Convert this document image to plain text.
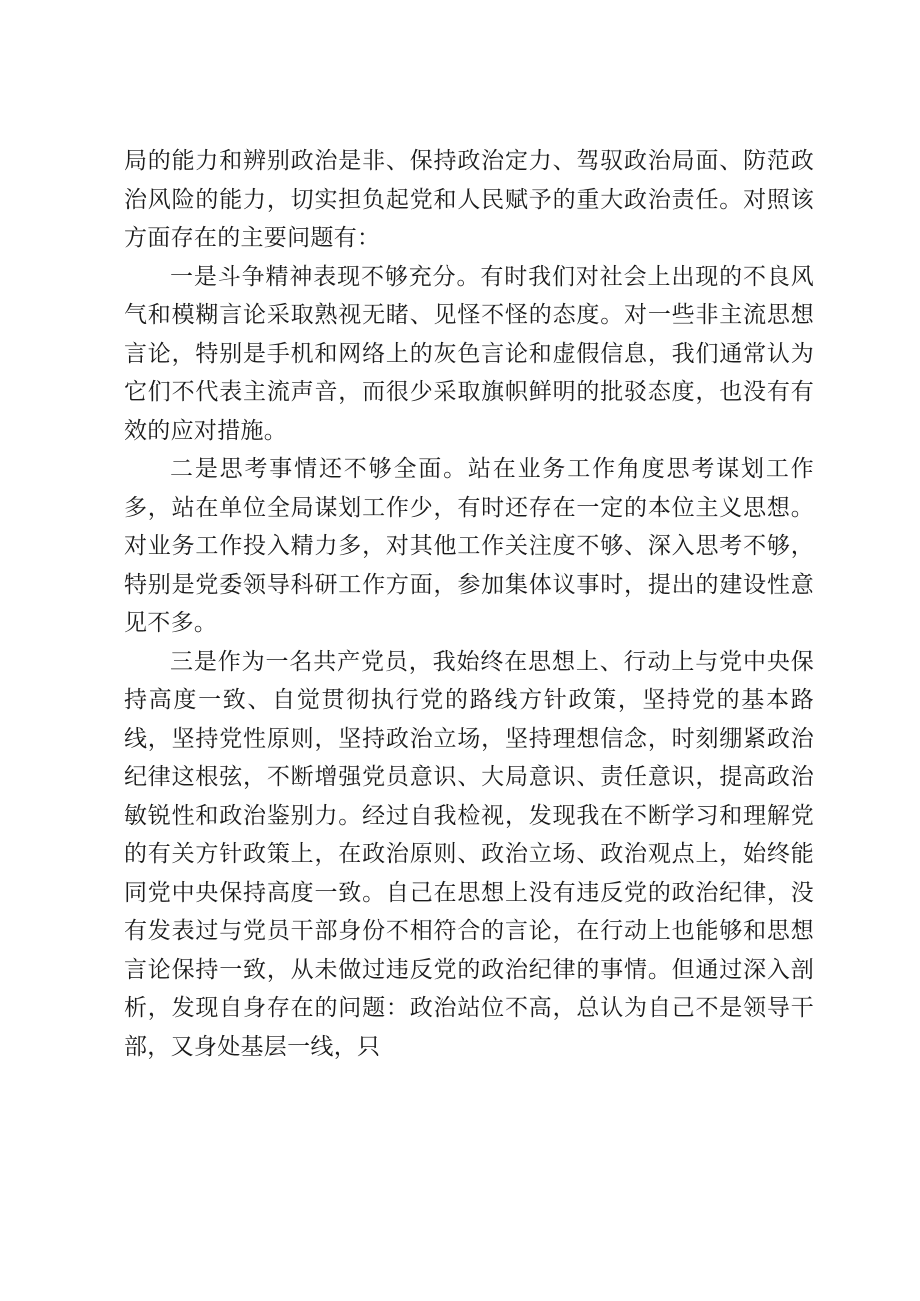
局的能力和辨别政治是非、保持政治定力、驾驭政治局面、防范政治风险的能力，切实担负起党和人民赋予的重大政治责任。对照该方面存在的主要问题有：

一是斗争精神表现不够充分。有时我们对社会上出现的不良风气和模糊言论采取熟视无睹、见怪不怪的态度。对一些非主流思想言论，特别是手机和网络上的灰色言论和虚假信息，我们通常认为它们不代表主流声音，而很少采取旗帜鲜明的批驳态度，也没有有效的应对措施。

二是思考事情还不够全面。站在业务工作角度思考谋划工作多，站在单位全局谋划工作少，有时还存在一定的本位主义思想。对业务工作投入精力多，对其他工作关注度不够、深入思考不够，特别是党委领导科研工作方面，参加集体议事时，提出的建设性意见不多。

三是作为一名共产党员，我始终在思想上、行动上与党中央保持高度一致、自觉贯彻执行党的路线方针政策，坚持党的基本路线，坚持党性原则，坚持政治立场，坚持理想信念，时刻绷紧政治纪律这根弦，不断增强党员意识、大局意识、责任意识，提高政治敏锐性和政治鉴别力。经过自我检视，发现我在不断学习和理解党的有关方针政策上，在政治原则、政治立场、政治观点上，始终能同党中央保持高度一致。自己在思想上没有违反党的政治纪律，没有发表过与党员干部身份不相符合的言论，在行动上也能够和思想言论保持一致，从未做过违反党的政治纪律的事情。但通过深入剖析，发现自身存在的问题：政治站位不高，总认为自己不是领导干部，又身处基层一线，只
